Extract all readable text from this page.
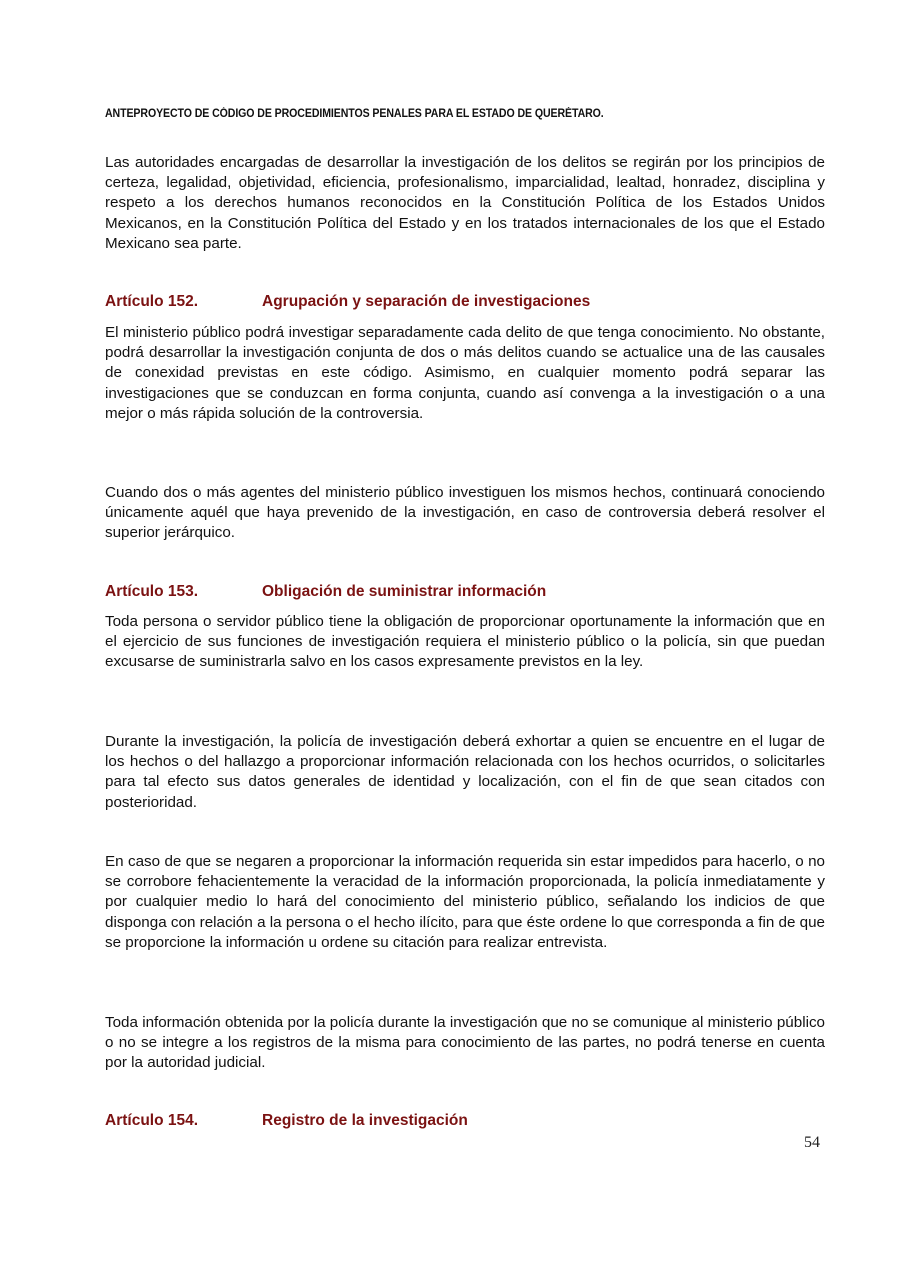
ANTEPROYECTO DE CÓDIGO DE PROCEDIMIENTOS PENALES PARA EL ESTADO DE QUERÉTARO.

Las autoridades encargadas de desarrollar la investigación de los delitos se regirán por los principios de certeza, legalidad, objetividad, eficiencia, profesionalismo, imparcialidad, lealtad, honradez, disciplina y respeto a los derechos humanos reconocidos en la Constitución Política de los Estados Unidos Mexicanos, en la Constitución Política del Estado y en los tratados internacionales de los que el Estado Mexicano sea parte.

Artículo 152.	Agrupación y separación de investigaciones

El ministerio público podrá investigar separadamente cada delito de que tenga conocimiento. No obstante, podrá desarrollar la investigación conjunta de dos o más delitos cuando se actualice una de las causales de conexidad previstas en este código. Asimismo, en cualquier momento podrá separar las investigaciones que se conduzcan en forma conjunta, cuando así convenga a la investigación o a una mejor o más rápida solución de la controversia.

Cuando dos o más agentes del ministerio público investiguen los mismos hechos, continuará conociendo únicamente aquél que haya prevenido de la investigación, en caso de controversia deberá resolver el superior jerárquico.

Artículo 153.	Obligación de suministrar información

Toda persona o servidor público tiene la obligación de proporcionar oportunamente la información que en el ejercicio de sus funciones de investigación requiera el ministerio público o la policía, sin que puedan excusarse de suministrarla salvo en los casos expresamente previstos en la ley.

Durante la investigación, la policía de investigación deberá exhortar a quien se encuentre en el lugar de los hechos o del hallazgo a proporcionar información relacionada con los hechos ocurridos, o solicitarles para tal efecto sus datos generales de identidad y localización, con el fin de que sean citados con posterioridad.

En caso de que se negaren a proporcionar la información requerida sin estar impedidos para hacerlo, o no se corrobore fehacientemente la veracidad de la información proporcionada, la policía inmediatamente y por cualquier medio lo hará del conocimiento del ministerio público, señalando los indicios de que disponga con relación a la persona o el hecho ilícito, para que éste ordene lo que corresponda a fin de que se proporcione la información u ordene su citación para realizar entrevista.

Toda información obtenida por la policía durante la investigación que no se comunique al ministerio público o no se integre a los registros de la misma para conocimiento de las partes, no podrá tenerse en cuenta por la autoridad judicial.

Artículo 154.	Registro de la investigación
54
